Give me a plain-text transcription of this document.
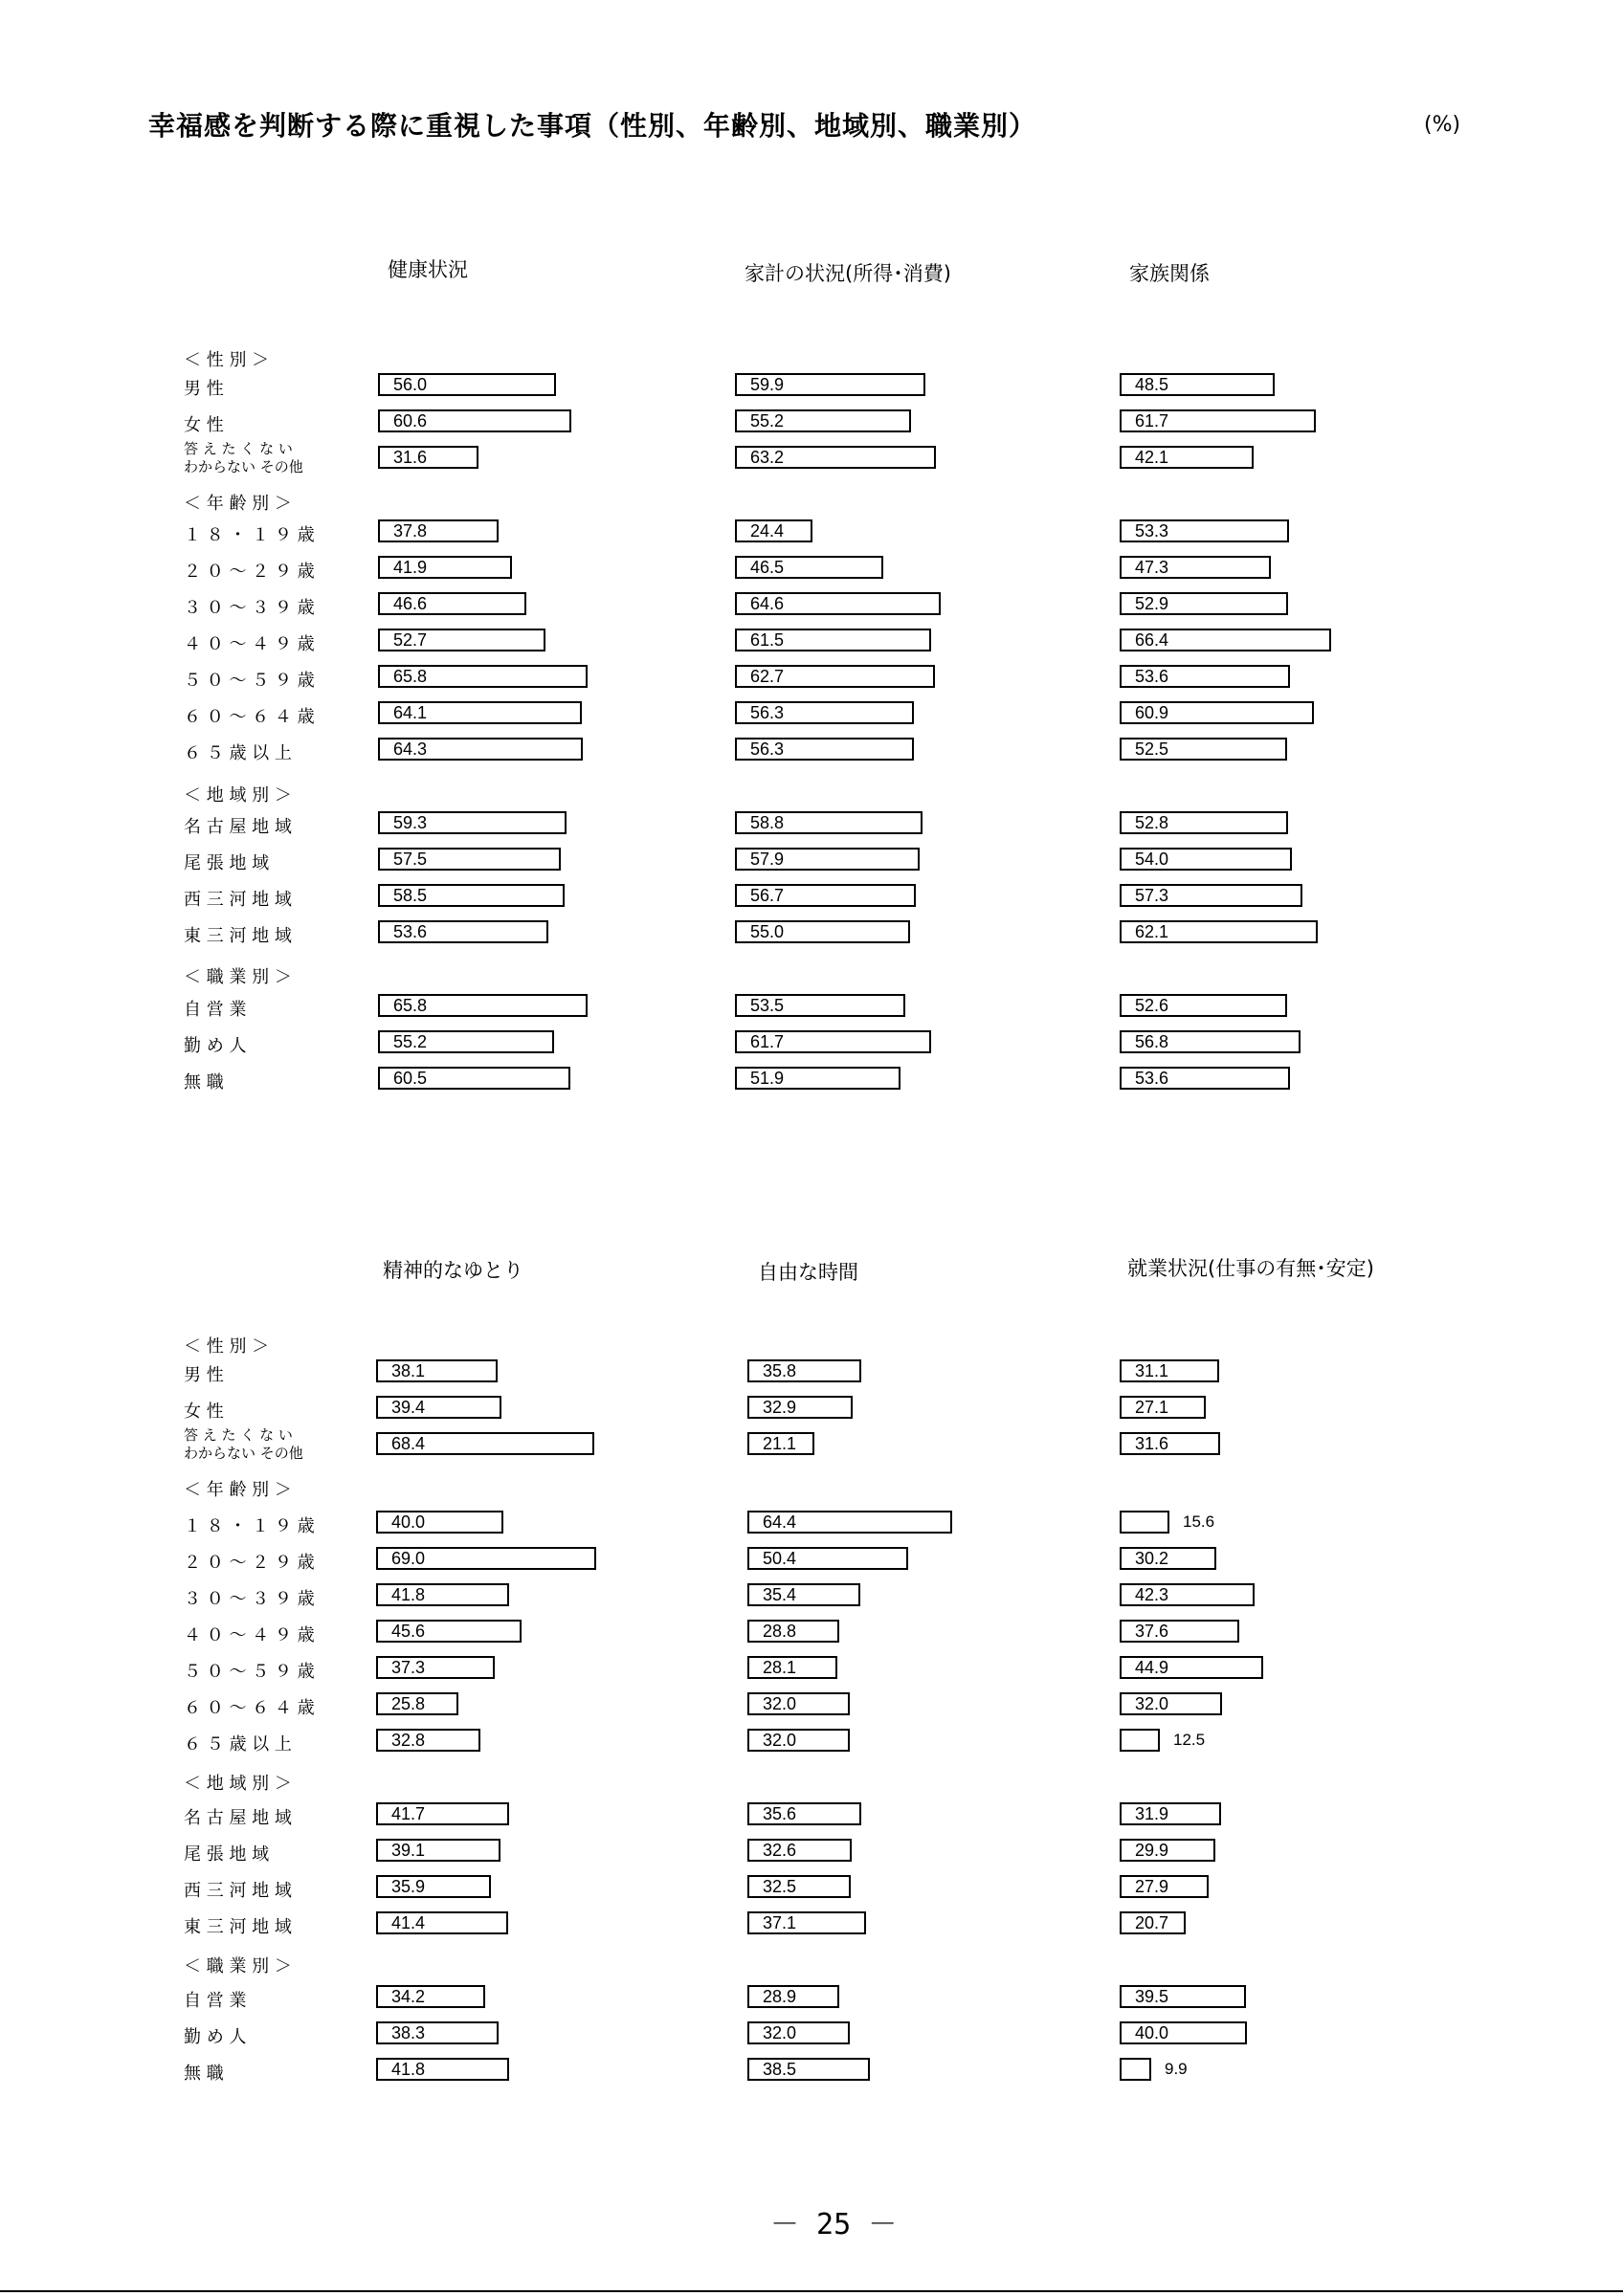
幸福感を判断する際に重視した事項（性別、年齢別、地域別、職業別）	(%)
＜ 性 別 ＞
男 性
女 性
答 え た く な い
わからない その他
＜ 年 齢 別 ＞
１ ８ ・ １ ９ 歳
２ ０ ～ ２ ９ 歳
３ ０ ～ ３ ９ 歳
４ ０ ～ ４ ９ 歳
５ ０ ～ ５ ９ 歳
６ ０ ～ ６ ４ 歳
６ ５ 歳 以 上
＜ 地 域 別 ＞
名 古 屋 地 域
尾 張 地 域
西 三 河 地 域
東 三 河 地 域
＜ 職 業 別 ＞
自 営 業
勤 め 人
無 職
＜ 性 別 ＞
男 性
女 性
答 え た く な い
わからない その他
＜ 年 齢 別 ＞
１ ８ ・ １ ９ 歳
２ ０ ～ ２ ９ 歳
３ ０ ～ ３ ９ 歳
４ ０ ～ ４ ９ 歳
５ ０ ～ ５ ９ 歳
６ ０ ～ ６ ４ 歳
６ ５ 歳 以 上
＜ 地 域 別 ＞
名 古 屋 地 域
尾 張 地 域
西 三 河 地 域
東 三 河 地 域
＜ 職 業 別 ＞
自 営 業
勤 め 人
無 職
健康状況
56.0
60.6
31.6
37.8
41.9
46.6
52.7
65.8
64.1
64.3
59.3
57.5
58.5
53.6
65.8
55.2
60.5
家計の状況(所得･消費)
59.9
55.2
63.2
24.4
46.5
64.6
61.5
62.7
56.3
56.3
58.8
57.9
56.7
55.0
53.5
61.7
51.9
家族関係
48.5
61.7
42.1
53.3
47.3
52.9
66.4
53.6
60.9
52.5
52.8
54.0
57.3
62.1
52.6
56.8
53.6
精神的なゆとり
38.1
39.4
68.4
40.0
69.0
41.8
45.6
37.3
25.8
32.8
41.7
39.1
35.9
41.4
34.2
38.3
41.8
自由な時間
35.8
32.9
21.1
64.4
50.4
35.4
28.8
28.1
32.0
32.0
35.6
32.6
32.5
37.1
28.9
32.0
38.5
就業状況(仕事の有無･安定)
31.1
27.1
31.6
15.6
30.2
42.3
37.6
44.9
32.0
12.5
31.9
29.9
27.9
20.7
39.5
40.0
9.9
－ 25 －
